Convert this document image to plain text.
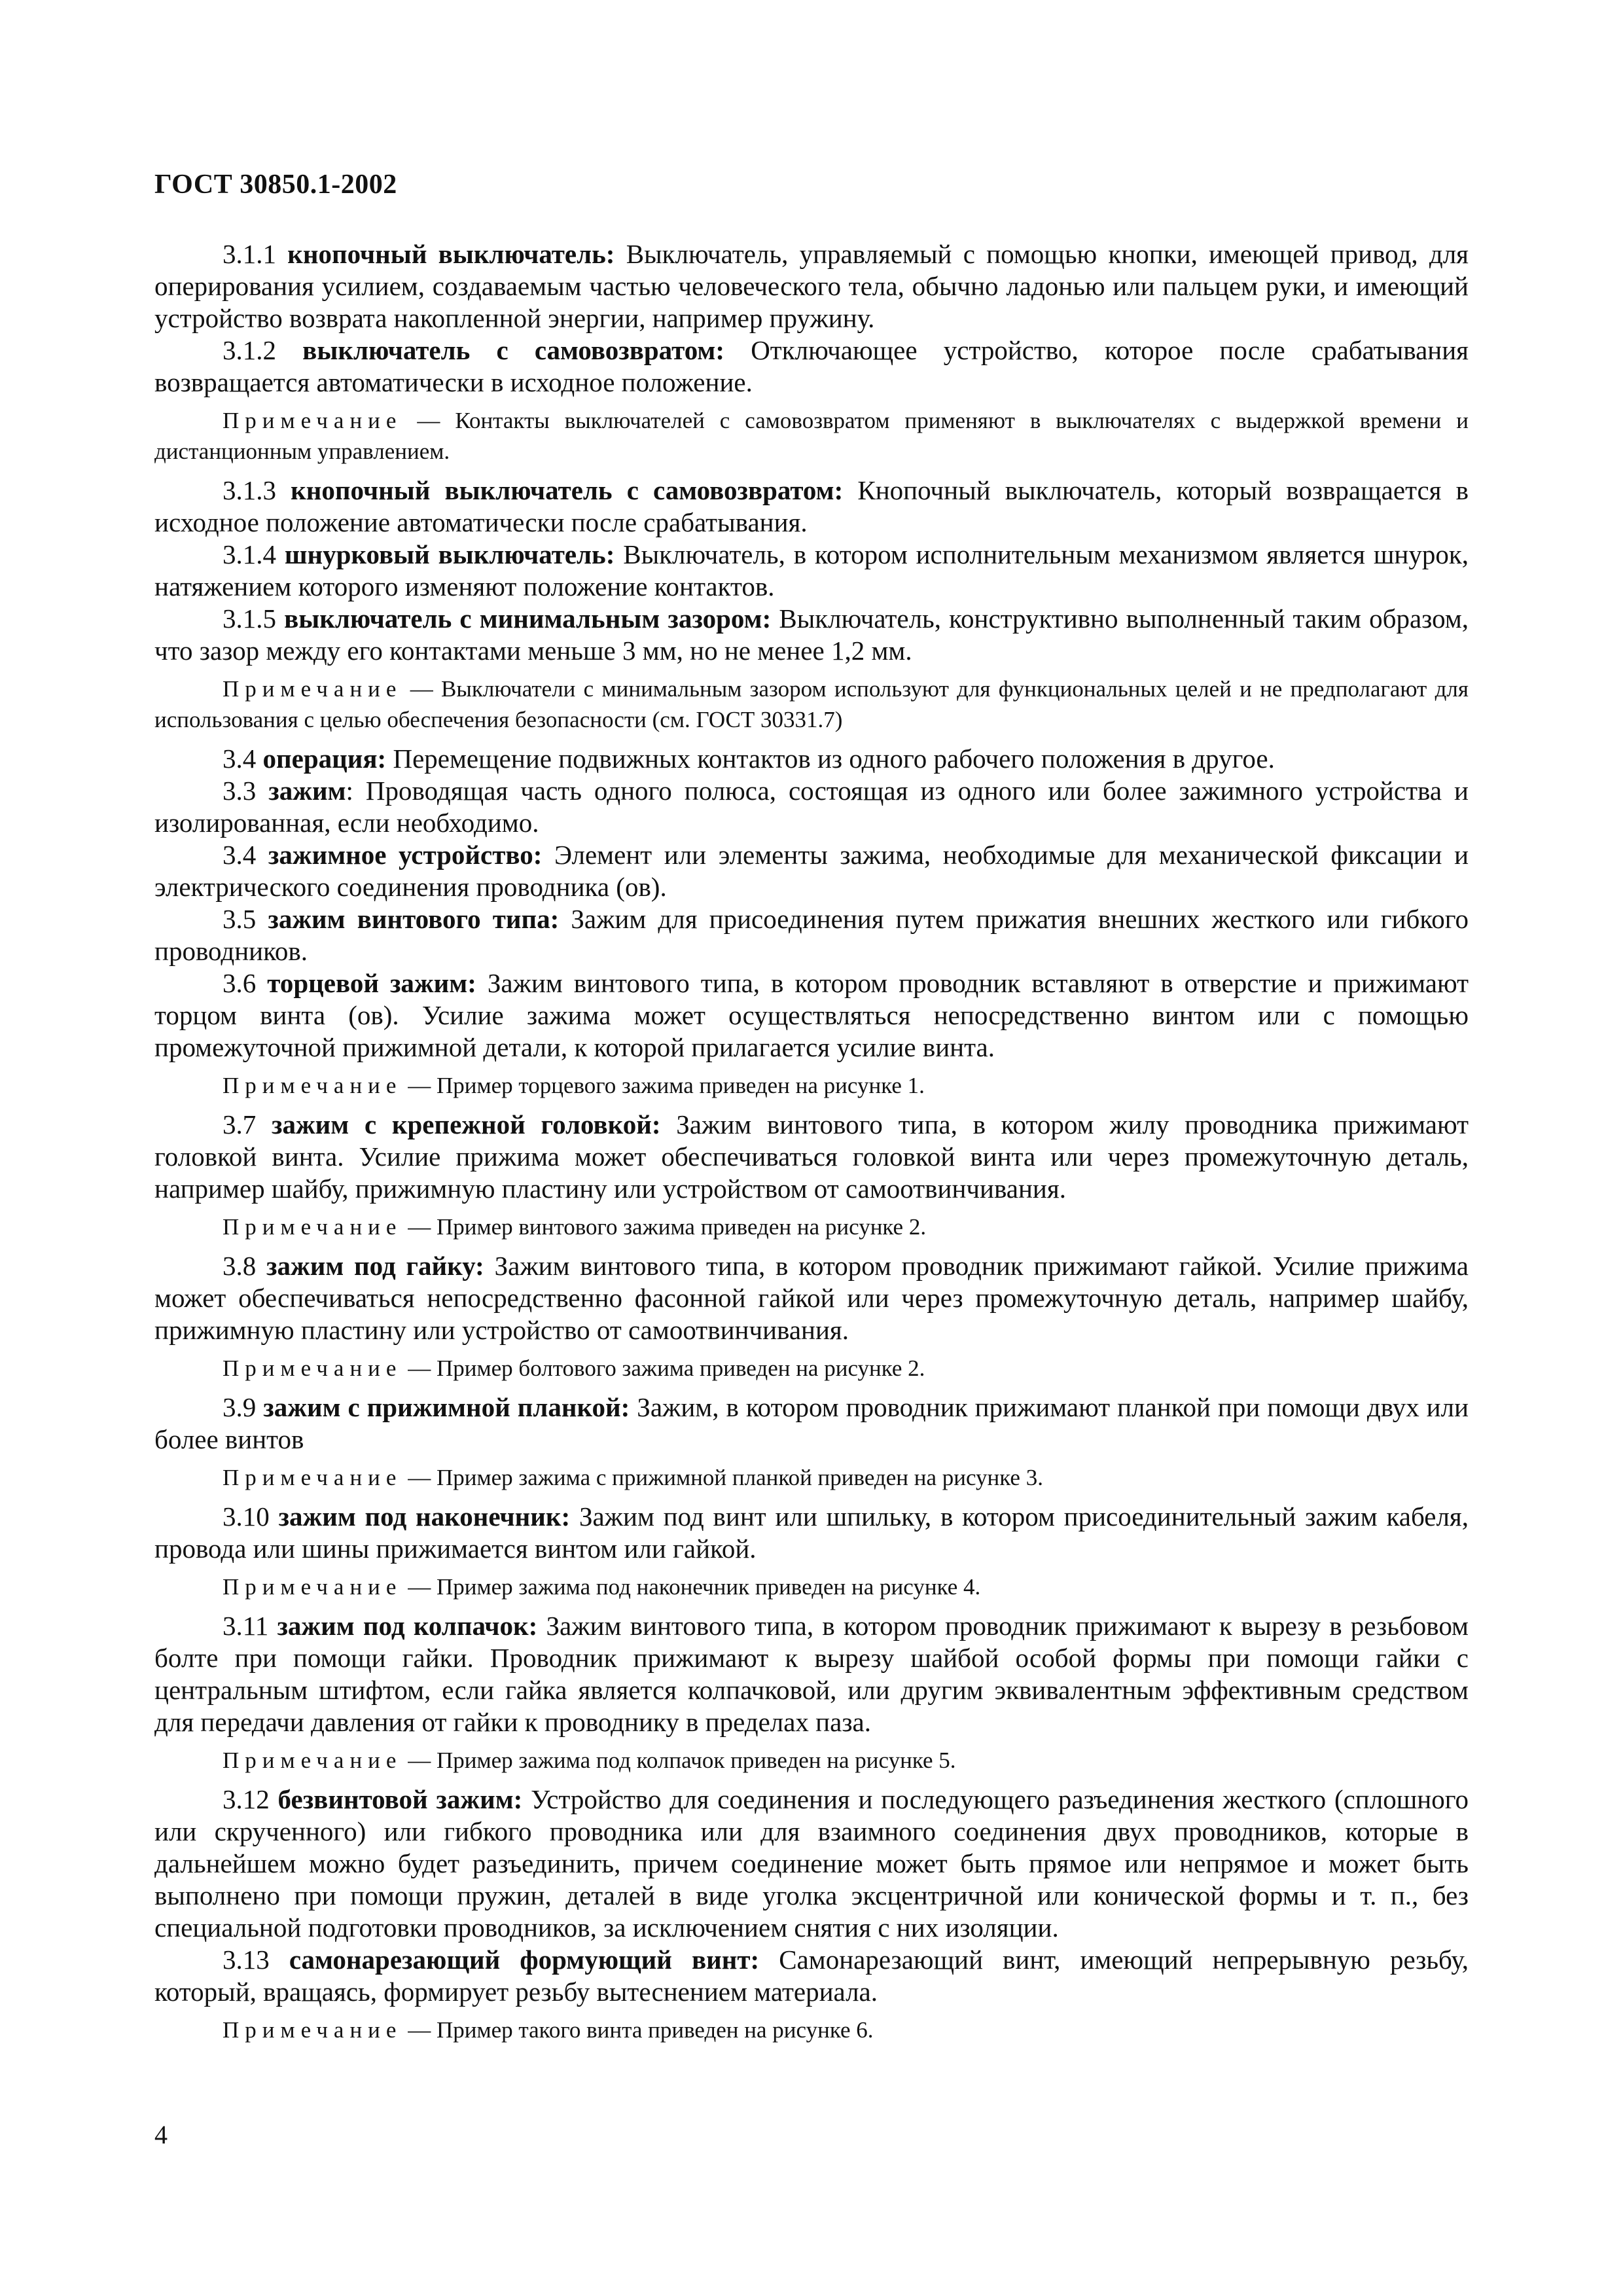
ГОСТ 30850.1-2002

3.1.1 кнопочный выключатель: Выключатель, управляемый с помощью кнопки, имеющей привод, для оперирования усилием, создаваемым частью человеческого тела, обычно ладонью или пальцем руки, и имеющий устройство возврата накопленной энергии, например пружину.

3.1.2 выключатель с самовозвратом: Отключающее устройство, которое после срабатывания возвращается автоматически в исходное положение.

Примечание — Контакты выключателей с самовозвратом применяют в выключателях с выдержкой времени и дистанционным управлением.

3.1.3 кнопочный выключатель с самовозвратом: Кнопочный выключатель, который возвращается в исходное положение автоматически после срабатывания.

3.1.4 шнурковый выключатель: Выключатель, в котором исполнительным механизмом является шнурок, натяжением которого изменяют положение контактов.

3.1.5 выключатель с минимальным зазором: Выключатель, конструктивно выполненный таким образом, что зазор между его контактами меньше 3 мм, но не менее 1,2 мм.

Примечание — Выключатели с минимальным зазором используют для функциональных целей и не предполагают для использования с целью обеспечения безопасности (см. ГОСТ 30331.7)

3.4 операция: Перемещение подвижных контактов из одного рабочего положения в другое.

3.3 зажим: Проводящая часть одного полюса, состоящая из одного или более зажимного устройства и изолированная, если необходимо.

3.4 зажимное устройство: Элемент или элементы зажима, необходимые для механической фиксации и электрического соединения проводника (ов).

3.5 зажим винтового типа: Зажим для присоединения путем прижатия внешних жесткого или гибкого проводников.

3.6 торцевой зажим: Зажим винтового типа, в котором проводник вставляют в отверстие и прижимают торцом винта (ов). Усилие зажима может осуществляться непосредственно винтом или с помощью промежуточной прижимной детали, к которой прилагается усилие винта.

Примечание — Пример торцевого зажима приведен на рисунке 1.

3.7 зажим с крепежной головкой: Зажим винтового типа, в котором жилу проводника прижимают головкой винта. Усилие прижима может обеспечиваться головкой винта или через промежуточную деталь, например шайбу, прижимную пластину или устройством от самоотвинчивания.

Примечание — Пример винтового зажима приведен на рисунке 2.

3.8 зажим под гайку: Зажим винтового типа, в котором проводник прижимают гайкой. Усилие прижима может обеспечиваться непосредственно фасонной гайкой или через промежуточную деталь, например шайбу, прижимную пластину или устройство от самоотвинчивания.

Примечание — Пример болтового зажима приведен на рисунке 2.

3.9 зажим с прижимной планкой: Зажим, в котором проводник прижимают планкой при помощи двух или более винтов

Примечание — Пример зажима с прижимной планкой приведен на рисунке 3.

3.10 зажим под наконечник: Зажим под винт или шпильку, в котором присоединительный зажим кабеля, провода или шины прижимается винтом или гайкой.

Примечание — Пример зажима под наконечник приведен на рисунке 4.

3.11 зажим под колпачок: Зажим винтового типа, в котором проводник прижимают к вырезу в резьбовом болте при помощи гайки. Проводник прижимают к вырезу шайбой особой формы при помощи гайки с центральным штифтом, если гайка является колпачковой, или другим эквивалентным эффективным средством для передачи давления от гайки к проводнику в пределах паза.

Примечание — Пример зажима под колпачок приведен на рисунке 5.

3.12 безвинтовой зажим: Устройство для соединения и последующего разъединения жесткого (сплошного или скрученного) или гибкого проводника или для взаимного соединения двух проводников, которые в дальнейшем можно будет разъединить, причем соединение может быть прямое или непрямое и может быть выполнено при помощи пружин, деталей в виде уголка эксцентричной или конической формы и т. п., без специальной подготовки проводников, за исключением снятия с них изоляции.

3.13 самонарезающий формующий винт: Самонарезающий винт, имеющий непрерывную резьбу, который, вращаясь, формирует резьбу вытеснением материала.

Примечание — Пример такого винта приведен на рисунке 6.

4
